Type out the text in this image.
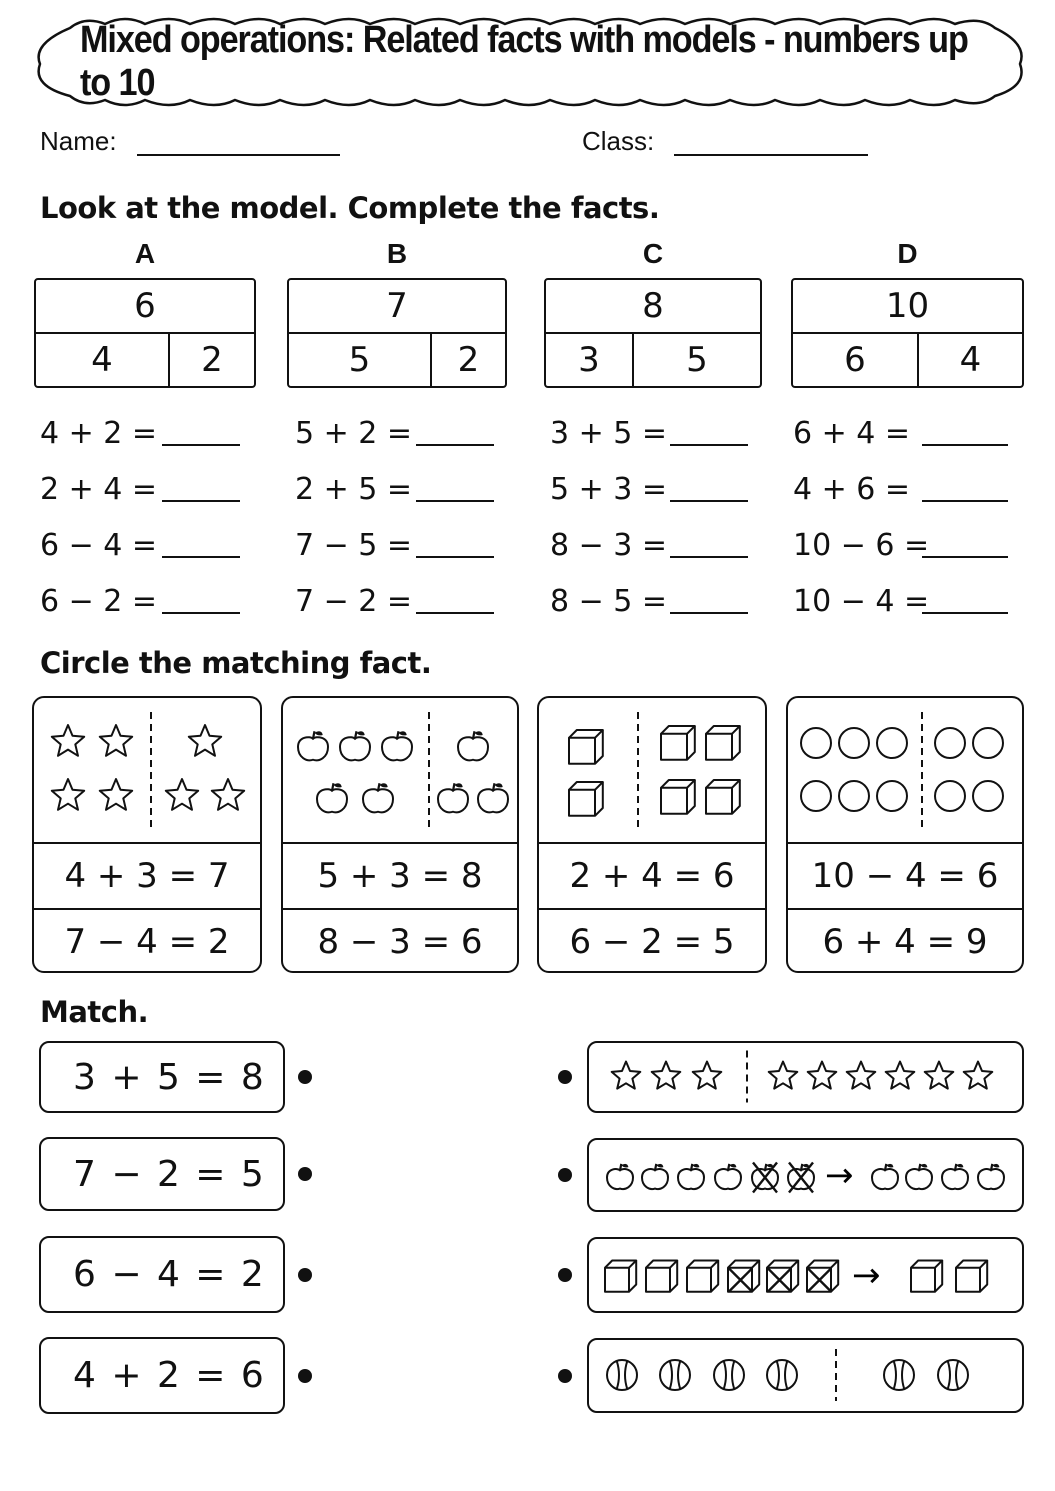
Mixed operations: Related facts with models - numbers up to 10
Name:	Class:
Look at the model. Complete the facts.
A
6
4	2
4 + 2 =
2 + 4 =
6 − 4 =
6 − 2 =
B
7
5	2
5 + 2 =
2 + 5 =
7 − 5 =
7 − 2 =
C
8
3	5
3 + 5 =
5 + 3 =
8 − 3 =
8 − 5 =
D
10
6	4
6 + 4 =
4 + 6 =
10 − 6 =
10 − 4 =
Circle the matching fact.
4 + 3 = 7
7 − 4 = 2
5 + 3 = 8
8 − 3 = 6
2 + 4 = 6
6 − 2 = 5
10 − 4 = 6
6 + 4 = 9
Match.
3 + 5 = 8
7 − 2 = 5	→
6 − 4 = 2	→
4 + 2 = 6
